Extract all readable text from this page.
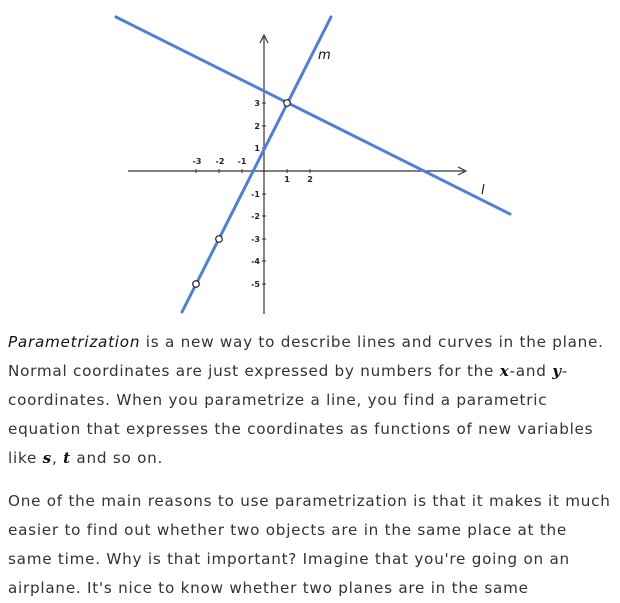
-3 -2 -1
1 2
3
2
1
-1
-2
-3
-4
-5
m
l

Parametrization is a new way to describe lines and curves in the plane. Normal coordinates are just expressed by numbers for the x-and y-coordinates. When you parametrize a line, you find a parametric equation that expresses the coordinates as functions of new variables like s, t and so on.

One of the main reasons to use parametrization is that it makes it much easier to find out whether two objects are in the same place at the same time. Why is that important? Imagine that you're going on an airplane. It's nice to know whether two planes are in the same
